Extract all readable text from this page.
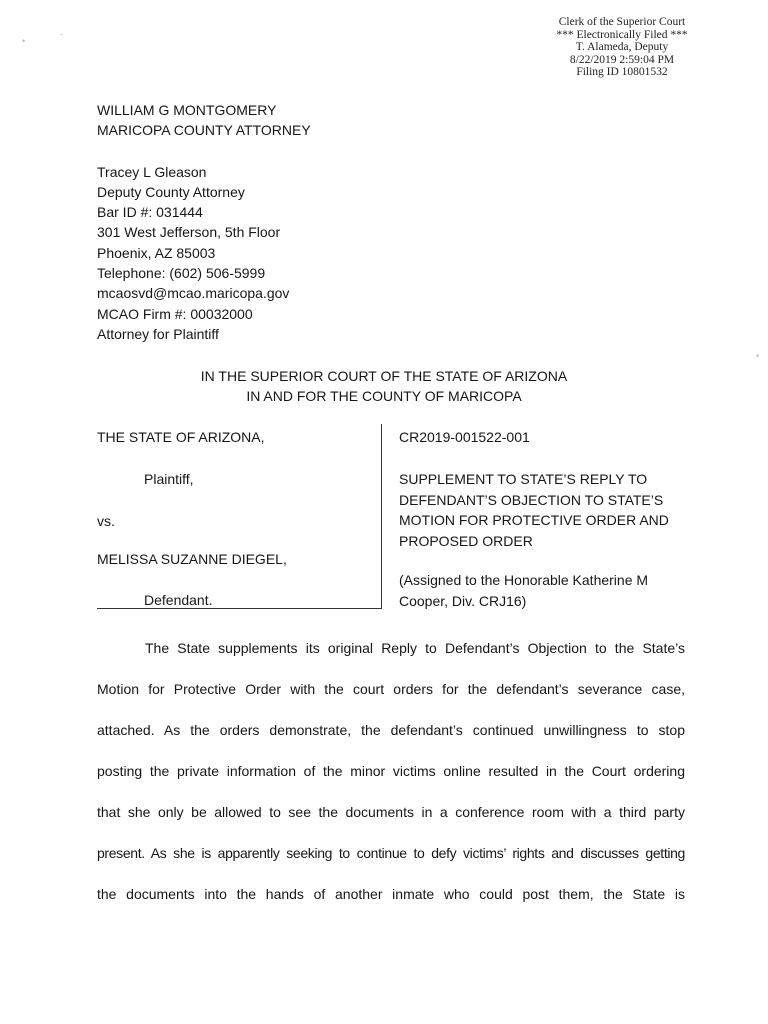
•
‐
•
Clerk of the Superior Court
*** Electronically Filed ***
T. Alameda, Deputy
8/22/2019 2:59:04 PM
Filing ID 10801532
WILLIAM G MONTGOMERY
MARICOPA COUNTY ATTORNEY
Tracey L Gleason
Deputy County Attorney
Bar ID #: 031444
301 West Jefferson, 5th Floor
Phoenix, AZ 85003
Telephone: (602) 506-5999
mcaosvd@mcao.maricopa.gov
MCAO Firm #: 00032000
Attorney for Plaintiff
IN THE SUPERIOR COURT OF THE STATE OF ARIZONA
IN AND FOR THE COUNTY OF MARICOPA
THE STATE OF ARIZONA,
Plaintiff,
vs.
MELISSA SUZANNE DIEGEL,
Defendant.
CR2019-001522-001
SUPPLEMENT TO STATE’S REPLY TO
DEFENDANT’S OBJECTION TO STATE’S
MOTION FOR PROTECTIVE ORDER AND
PROPOSED ORDER
(Assigned to the Honorable Katherine M
Cooper, Div. CRJ16)
The State supplements its original Reply to Defendant’s Objection to the State’s
Motion for Protective Order with the court orders for the defendant’s severance case,
attached. As the orders demonstrate, the defendant’s continued unwillingness to stop
posting the private information of the minor victims online resulted in the Court ordering
that she only be allowed to see the documents in a conference room with a third party
present. As she is apparently seeking to continue to defy victims’ rights and discusses getting
the documents into the hands of another inmate who could post them, the State is
